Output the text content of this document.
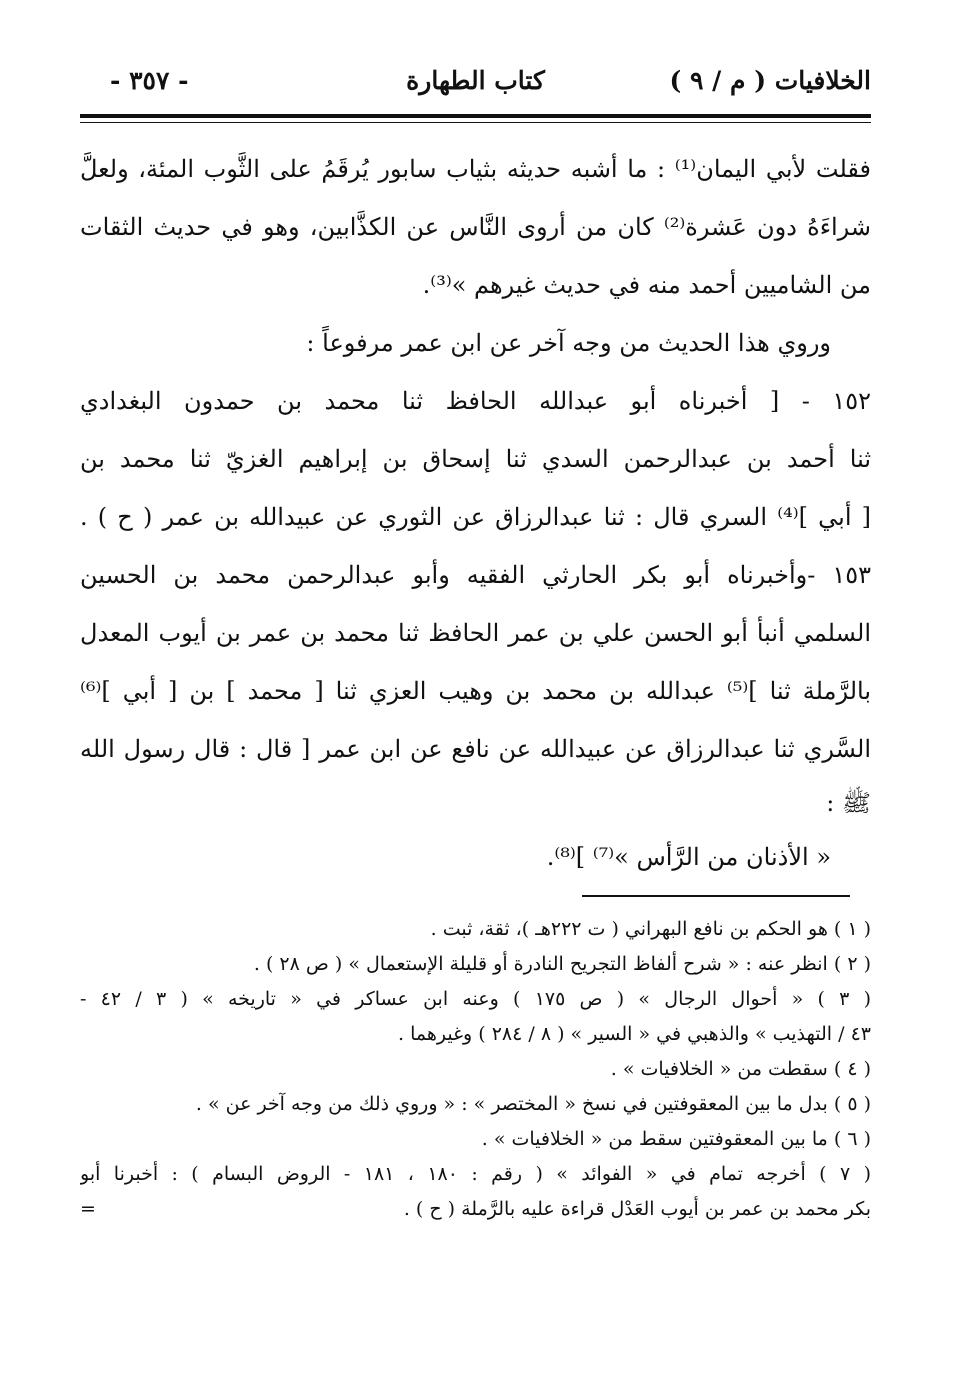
الخلافيات ( م / ٩ )
كتاب الطهارة
- ٣٥٧ -
فقلت لأبي اليمان⁽¹⁾ : ما أشبه حديثه بثياب سابور يُرقَمُ على الثَّوب المئة، ولعلَّ
شراءَهُ دون عَشرة⁽²⁾ كان من أروى النَّاس عن الكذَّابين، وهو في حديث الثقات
من الشاميين أحمد منه في حديث غيرهم »⁽³⁾.
وروي هذا الحديث من وجه آخر عن ابن عمر مرفوعاً :
١٥٢ - [ أخبرناه أبو عبدالله الحافظ ثنا محمد بن حمدون البغدادي
ثنا أحمد بن عبدالرحمن السدي ثنا إسحاق بن إبراهيم الغزيّ ثنا محمد بن
[ أبي ]⁽⁴⁾ السري قال : ثنا عبدالرزاق عن الثوري عن عبيدالله بن عمر ( ح ) .
١٥٣ -وأخبرناه أبو بكر الحارثي الفقيه وأبو عبدالرحمن محمد بن الحسين
السلمي أنبأ أبو الحسن علي بن عمر الحافظ ثنا محمد بن عمر بن أيوب المعدل
بالرَّملة ثنا ]⁽⁵⁾ عبدالله بن محمد بن وهيب العزي ثنا [ محمد ] بن [ أبي ]⁽⁶⁾
السَّري ثنا عبدالرزاق عن عبيدالله عن نافع عن ابن عمر [ قال : قال رسول الله
ﷺ :
« الأذنان من الرَّأس »⁽⁷⁾ ]⁽⁸⁾.
( ١ ) هو الحكم بن نافع البهراني ( ت ٢٢٢هـ )، ثقة، ثبت .
( ٢ ) انظر عنه : « شرح ألفاظ التجريح النادرة أو قليلة الإستعمال » ( ص ٢٨ ) .
( ٣ ) « أحوال الرجال » ( ص ١٧٥ ) وعنه ابن عساكر في « تاريخه » ( ٣ / ٤٢ -
٤٣ / التهذيب » والذهبي في « السير » ( ٨ / ٢٨٤ ) وغيرهما .
( ٤ ) سقطت من « الخلافيات » .
( ٥ ) بدل ما بين المعقوفتين في نسخ « المختصر » : « وروي ذلك من وجه آخر عن » .
( ٦ ) ما بين المعقوفتين سقط من « الخلافيات » .
( ٧ ) أخرجه تمام في « الفوائد » ( رقم : ١٨٠ ، ١٨١ - الروض البسام ) : أخبرنا أبو
بكر محمد بن عمر بن أيوب العَدْل قراءة عليه بالرَّملة ( ح ) .
=
